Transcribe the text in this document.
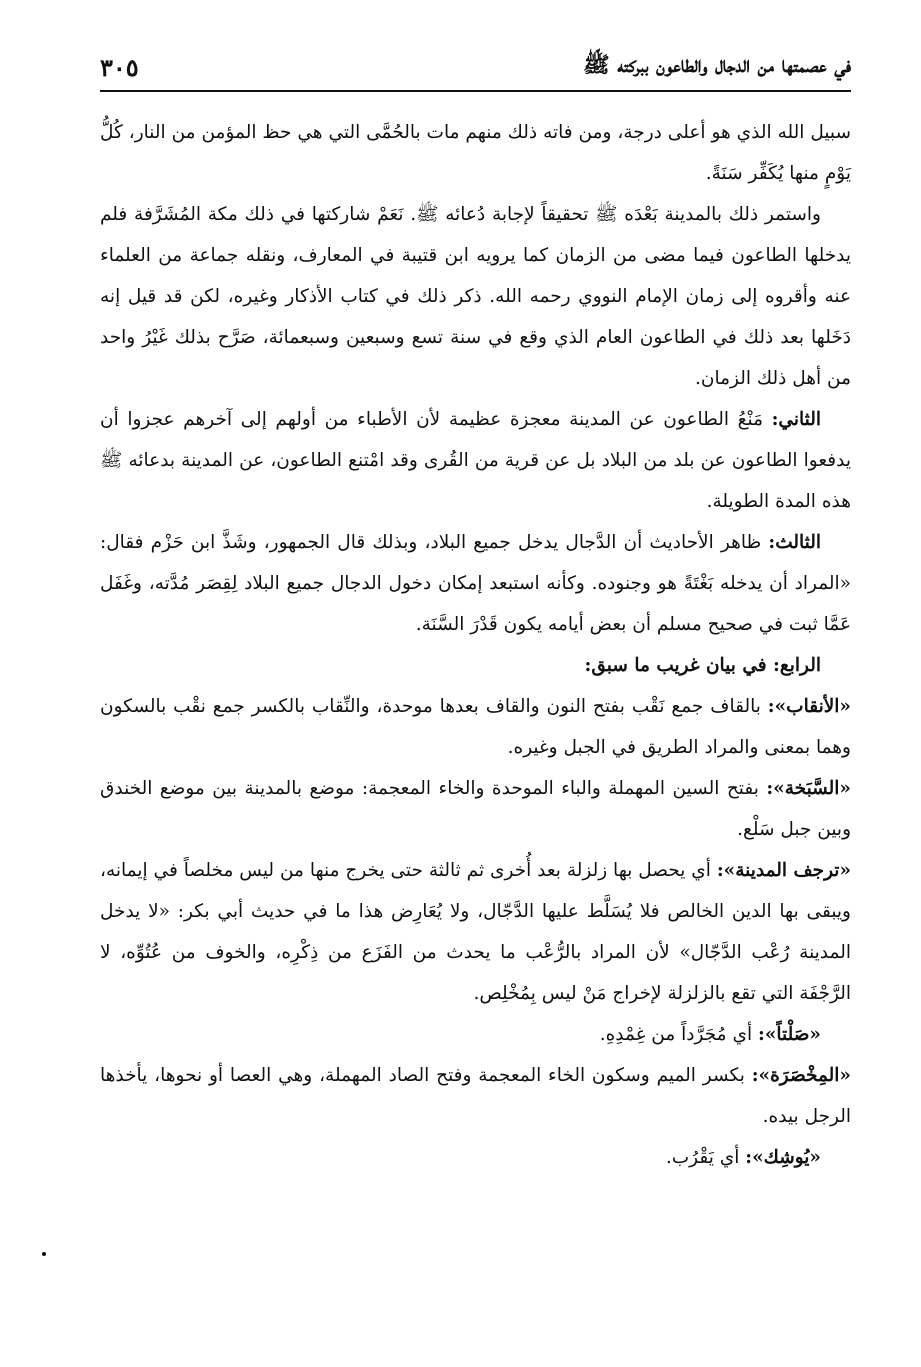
في عصمتها من الدجال والطاعون ببركته ﷺ
٣٠٥

سبيل الله الذي هو أعلى درجة، ومن فاته ذلك منهم مات بالحُمَّى التي هي حظ المؤمن من النار، كُلُّ يَوْمٍ منها يُكَفِّر سَنَةً.

واستمر ذلك بالمدينة بَعْدَه ﷺ تحقيقاً لإجابة دُعائه ﷺ. نَعَمْ شاركتها في ذلك مكة المُشَرَّفة فلم يدخلها الطاعون فيما مضى من الزمان كما يرويه ابن قتيبة في المعارف، ونقله جماعة من العلماء عنه وأقروه إلى زمان الإمام النووي رحمه الله. ذكر ذلك في كتاب الأذكار وغيره، لكن قد قيل إنه دَخَلها بعد ذلك في الطاعون العام الذي وقع في سنة تسع وسبعين وسبعمائة، صَرَّح بذلك غَيْرُ واحد من أهل ذلك الزمان.

الثاني: مَنْعُ الطاعون عن المدينة معجزة عظيمة لأن الأطباء من أولهم إلى آخرهم عجزوا أن يدفعوا الطاعون عن بلد من البلاد بل عن قرية من القُرى وقد امْتنع الطاعون، عن المدينة بدعائه ﷺ هذه المدة الطويلة.

الثالث: ظاهر الأحاديث أن الدَّجال يدخل جميع البلاد، وبذلك قال الجمهور، وشَذَّ ابن حَزْم فقال: «المراد أن يدخله بَغْتَةً هو وجنوده. وكأنه استبعد إمكان دخول الدجال جميع البلاد لِقِصَر مُدَّته، وغَفَل عَمَّا ثبت في صحيح مسلم أن بعض أيامه يكون قَدْرَ السَّنَة.

الرابع: في بيان غريب ما سبق:

«الأنقاب»: بالقاف جمع نَقْب بفتح النون والقاف بعدها موحدة، والنِّقاب بالكسر جمع نقْب بالسكون وهما بمعنى والمراد الطريق في الجبل وغيره.

«السَّبَخة»: بفتح السين المهملة والباء الموحدة والخاء المعجمة: موضع بالمدينة بين موضع الخندق وبين جبل سَلْع.

«ترجف المدينة»: أي يحصل بها زلزلة بعد أُخرى ثم ثالثة حتى يخرج منها من ليس مخلصاً في إيمانه، ويبقى بها الدين الخالص فلا يُسَلَّط عليها الدَّجّال، ولا يُعَارِض هذا ما في حديث أبي بكر: «لا يدخل المدينة رُعْب الدَّجّال» لأن المراد بالرُّعْب ما يحدث من الفَزَع من ذِكْرِه، والخوف من عُتُوِّه، لا الرَّجْفَة التي تقع بالزلزلة لإخراج مَنْ ليس بِمُخْلِص.

«صَلْتاً»: أي مُجَرَّداً من غِمْدِهِ.

«المِخْصَرَة»: بكسر الميم وسكون الخاء المعجمة وفتح الصاد المهملة، وهي العصا أو نحوها، يأخذها الرجل بيده.

«يُوشِك»: أي يَقْرُب.
